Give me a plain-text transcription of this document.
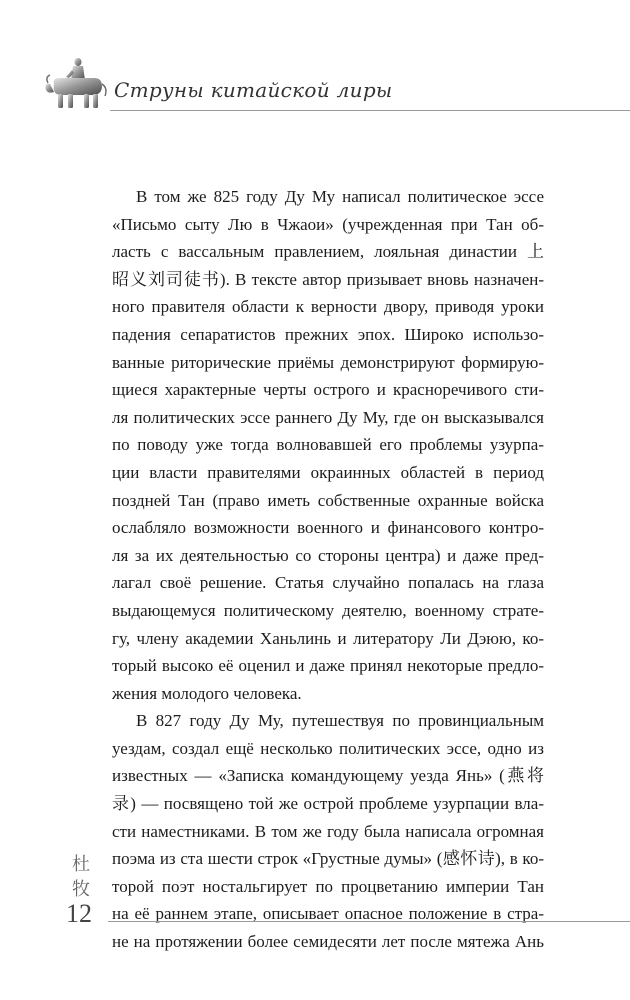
Струны китайской лиры
В том же 825 году Ду Му написал политическое эссе
«Письмо сыту Лю в Чжаои» (учрежденная при Тан об-
ласть с вассальным правлением, лояльная династии 上
昭义刘司徒书). В тексте автор призывает вновь назначен-
ного правителя области к верности двору, приводя уроки
падения сепаратистов прежних эпох. Широко использо-
ванные риторические приёмы демонстрируют формирую-
щиеся характерные черты острого и красноречивого сти-
ля политических эссе раннего Ду Му, где он высказывался
по поводу уже тогда волновавшей его проблемы узурпа-
ции власти правителями окраинных областей в период
поздней Тан (право иметь собственные охранные войска
ослабляло возможности военного и финансового контро-
ля за их деятельностью со стороны центра) и даже пред-
лагал своё решение. Статья случайно попалась на глаза
выдающемуся политическому деятелю, военному страте-
гу, члену академии Ханьлинь и литератору Ли Дэюю, ко-
торый высоко её оценил и даже принял некоторые предло-
жения молодого человека.
В 827 году Ду Му, путешествуя по провинциальным
уездам, создал ещё несколько политических эссе, одно из
известных — «Записка командующему уезда Янь» (燕将
录) — посвящено той же острой проблеме узурпации вла-
сти наместниками. В том же году была написала огромная
поэма из ста шести строк «Грустные думы» (感怀诗), в ко-
торой поэт ностальгирует по процветанию империи Тан
на её раннем этапе, описывает опасное положение в стра-
не на протяжении более семидесяти лет после мятежа Ань
杜
牧
12
